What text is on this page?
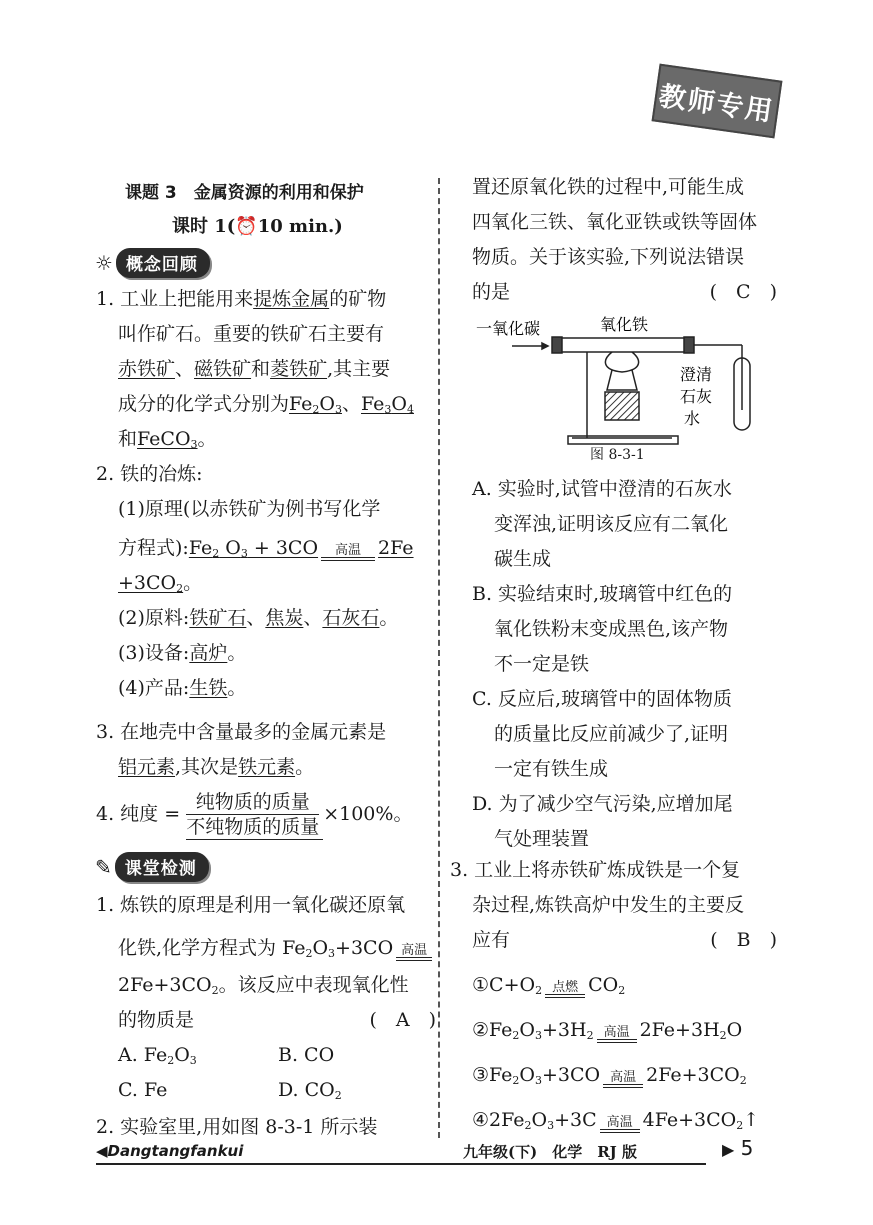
教师专用
课题 3　金属资源的利用和保护
课时 1(⏰10 min.)
☼ 概念回顾
1. 工业上把能用来提炼金属的矿物
叫作矿石。重要的铁矿石主要有
赤铁矿、磁铁矿和菱铁矿,其主要
成分的化学式分别为$Fe_2O_3$、$Fe_3O_4$
和FeCO$_3$。
2. 铁的冶炼:
(1)原理(以赤铁矿为例书写化学
方程式)$:Fe_2$ $O_3 + 3CO$	高温 2Fe
$+3CO_2$。
(2)原料:铁矿石、焦炭、石灰石。
(3)设备:高炉。
(4)产品:生铁。
3. 在地壳中含量最多的金属元素是
铝元素,其次是铁元素。
4. 纯度 = $\frac{\text{纯物质的质量}}{\text{不纯物质的质量}} \times 100\%$。
✎ 课堂检测
1. 炼铁的原理是利用一氧化碳还原氧
化铁,化学方程式为 $Fe_2O_3+3CO$ 高温
$2Fe+3CO_2$。该反应中表现氧化性
的物质是	(　A　)
A. $Fe_2O_3$	B. CO
C. Fe	D. $CO_2$
2. 实验室里,用如图 8-3-1 所示装
置还原氧化铁的过程中,可能生成
四氧化三铁、氧化亚铁或铁等固体
物质。关于该实验,下列说法错误
的是	(　C　)
一氧化碳	氧化铁
澄清
石灰
水
图 8-3-1
A. 实验时,试管中澄清的石灰水
变浑浊,证明该反应有二氧化
碳生成
B. 实验结束时,玻璃管中红色的
氧化铁粉末变成黑色,该产物
不一定是铁
C. 反应后,玻璃管中的固体物质
的质量比反应前减少了,证明
一定有铁生成
D. 为了减少空气污染,应增加尾
气处理装置
3. 工业上将赤铁矿炼成铁是一个复
杂过程,炼铁高炉中发生的主要反
应有	(　B　)
$①C+O_2$ 点燃 $CO_2$
$②Fe_2O_3+3H_2$ 高温 $2Fe+3H_2O$
$③Fe_2O_3+3CO$ 高温 $2Fe+3CO_2$
$④2Fe_2O_3+3C$ 高温 $4Fe+3CO_2↑$
◀Dangtangfankui	九年级(下)　化学　RJ 版	▶ 5
